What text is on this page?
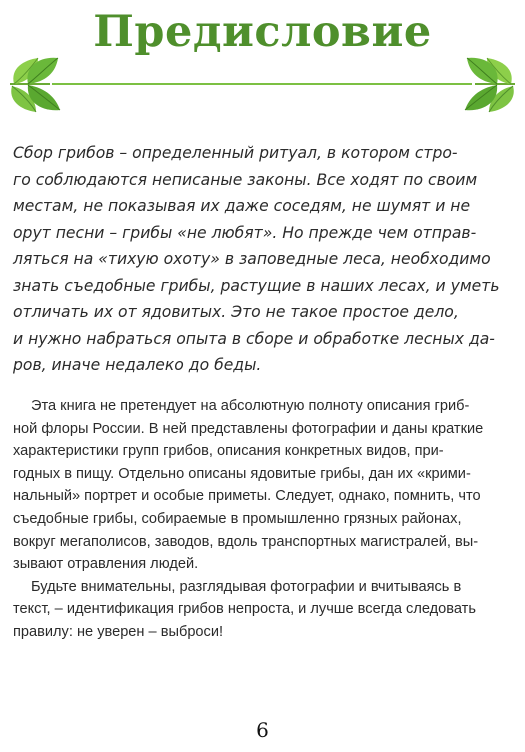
Предисловие
Сбор грибов – определенный ритуал, в котором стро-
го соблюдаются неписаные законы. Все ходят по своим
местам, не показывая их даже соседям, не шумят и не
орут песни – грибы «не любят». Но прежде чем отправ-
ляться на «тихую охоту» в заповедные леса, необходимо
знать съедобные грибы, растущие в наших лесах, и уметь
отличать их от ядовитых. Это не такое простое дело,
и нужно набраться опыта в сборе и обработке лесных да-
ров, иначе недалеко до беды.
Эта книга не претендует на абсолютную полноту описания гриб-
ной флоры России. В ней представлены фотографии и даны краткие
характеристики групп грибов, описания конкретных видов, при-
годных в пищу. Отдельно описаны ядовитые грибы, дан их «крими-
нальный» портрет и особые приметы. Следует, однако, помнить, что
съедобные грибы, собираемые в промышленно грязных районах,
вокруг мегаполисов, заводов, вдоль транспортных магистралей, вы-
зывают отравления людей.
Будьте внимательны, разглядывая фотографии и вчитываясь в
текст, – идентификация грибов непроста, и лучше всегда следовать
правилу: не уверен – выброси!
6
